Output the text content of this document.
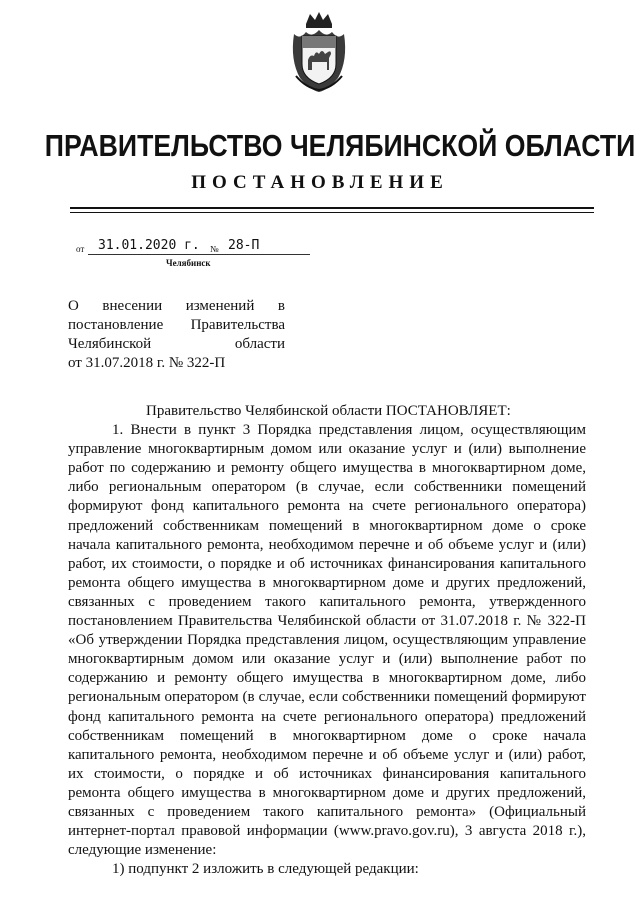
ПРАВИТЕЛЬСТВО ЧЕЛЯБИНСКОЙ ОБЛАСТИ
ПОСТАНОВЛЕНИЕ
от 31.01.2020 г. № 28-П
Челябинск
О внесении изменений в
постановление Правительства
Челябинской области
от 31.07.2018 г. № 322-П

Правительство Челябинской области ПОСТАНОВЛЯЕТ:

1. Внести в пункт 3 Порядка представления лицом, осуществляющим управление многоквартирным домом или оказание услуг и (или) выполнение работ по содержанию и ремонту общего имущества в многоквартирном доме, либо региональным оператором (в случае, если собственники помещений формируют фонд капитального ремонта на счете регионального оператора) предложений собственникам помещений в многоквартирном доме о сроке начала капитального ремонта, необходимом перечне и об объеме услуг и (или) работ, их стоимости, о порядке и об источниках финансирования капитального ремонта общего имущества в многоквартирном доме и других предложений, связанных с проведением такого капитального ремонта, утвержденного постановлением Правительства Челябинской области от 31.07.2018 г. № 322-П «Об утверждении Порядка представления лицом, осуществляющим управление многоквартирным домом или оказание услуг и (или) выполнение работ по содержанию и ремонту общего имущества в многоквартирном доме, либо региональным оператором (в случае, если собственники помещений формируют фонд капитального ремонта на счете регионального оператора) предложений собственникам помещений в многоквартирном доме о сроке начала капитального ремонта, необходимом перечне и об объеме услуг и (или) работ, их стоимости, о порядке и об источниках финансирования капитального ремонта общего имущества в многоквартирном доме и других предложений, связанных с проведением такого капитального ремонта» (Официальный интернет-портал правовой информации (www.pravo.gov.ru), 3 августа 2018 г.), следующие изменение:

1) подпункт 2 изложить в следующей редакции:
